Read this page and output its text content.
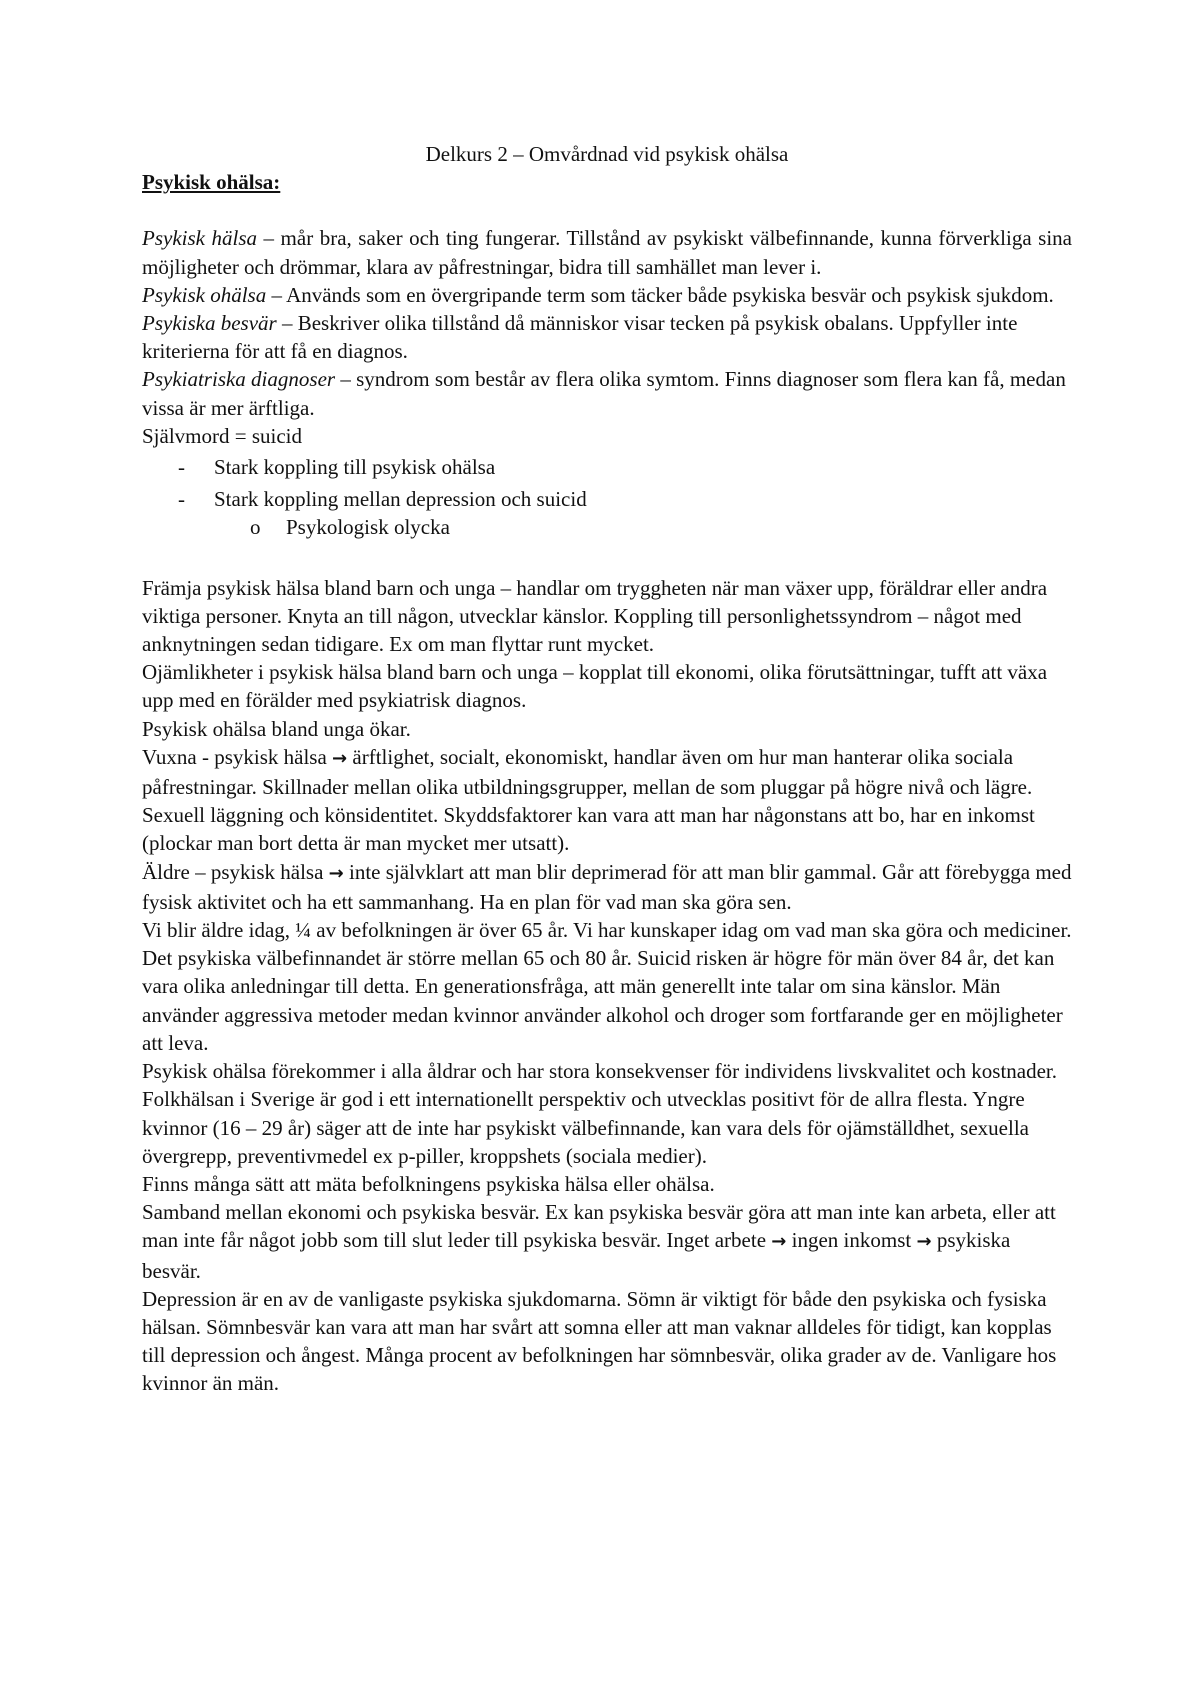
Delkurs 2 – Omvårdnad vid psykisk ohälsa
Psykisk ohälsa:

Psykisk hälsa – mår bra, saker och ting fungerar. Tillstånd av psykiskt välbefinnande, kunna förverkliga sina möjligheter och drömmar, klara av påfrestningar, bidra till samhället man lever i.

Psykisk ohälsa – Används som en övergripande term som täcker både psykiska besvär och psykisk sjukdom.

Psykiska besvär – Beskriver olika tillstånd då människor visar tecken på psykisk obalans. Uppfyller inte kriterierna för att få en diagnos.

Psykiatriska diagnoser – syndrom som består av flera olika symtom. Finns diagnoser som flera kan få, medan vissa är mer ärftliga.

Självmord = suicid

- Stark koppling till psykisk ohälsa
- Stark koppling mellan depression och suicid
o Psykologisk olycka

Främja psykisk hälsa bland barn och unga – handlar om tryggheten när man växer upp, föräldrar eller andra viktiga personer. Knyta an till någon, utvecklar känslor. Koppling till personlighetssyndrom – något med anknytningen sedan tidigare. Ex om man flyttar runt mycket.

Ojämlikheter i psykisk hälsa bland barn och unga – kopplat till ekonomi, olika förutsättningar, tufft att växa upp med en förälder med psykiatrisk diagnos.

Psykisk ohälsa bland unga ökar.

Vuxna - psykisk hälsa → ärftlighet, socialt, ekonomiskt, handlar även om hur man hanterar olika sociala påfrestningar. Skillnader mellan olika utbildningsgrupper, mellan de som pluggar på högre nivå och lägre. Sexuell läggning och könsidentitet. Skyddsfaktorer kan vara att man har någonstans att bo, har en inkomst (plockar man bort detta är man mycket mer utsatt).

Äldre – psykisk hälsa → inte självklart att man blir deprimerad för att man blir gammal. Går att förebygga med fysisk aktivitet och ha ett sammanhang. Ha en plan för vad man ska göra sen.

Vi blir äldre idag, ¼ av befolkningen är över 65 år. Vi har kunskaper idag om vad man ska göra och mediciner. Det psykiska välbefinnandet är större mellan 65 och 80 år. Suicid risken är högre för män över 84 år, det kan vara olika anledningar till detta. En generationsfråga, att män generellt inte talar om sina känslor. Män använder aggressiva metoder medan kvinnor använder alkohol och droger som fortfarande ger en möjligheter att leva.

Psykisk ohälsa förekommer i alla åldrar och har stora konsekvenser för individens livskvalitet och kostnader.

Folkhälsan i Sverige är god i ett internationellt perspektiv och utvecklas positivt för de allra flesta. Yngre kvinnor (16 – 29 år) säger att de inte har psykiskt välbefinnande, kan vara dels för ojämställdhet, sexuella övergrepp, preventivmedel ex p-piller, kroppshets (sociala medier).

Finns många sätt att mäta befolkningens psykiska hälsa eller ohälsa.

Samband mellan ekonomi och psykiska besvär. Ex kan psykiska besvär göra att man inte kan arbeta, eller att man inte får något jobb som till slut leder till psykiska besvär. Inget arbete → ingen inkomst → psykiska besvär.

Depression är en av de vanligaste psykiska sjukdomarna. Sömn är viktigt för både den psykiska och fysiska hälsan. Sömnbesvär kan vara att man har svårt att somna eller att man vaknar alldeles för tidigt, kan kopplas till depression och ångest. Många procent av befolkningen har sömnbesvär, olika grader av de. Vanligare hos kvinnor än män.
